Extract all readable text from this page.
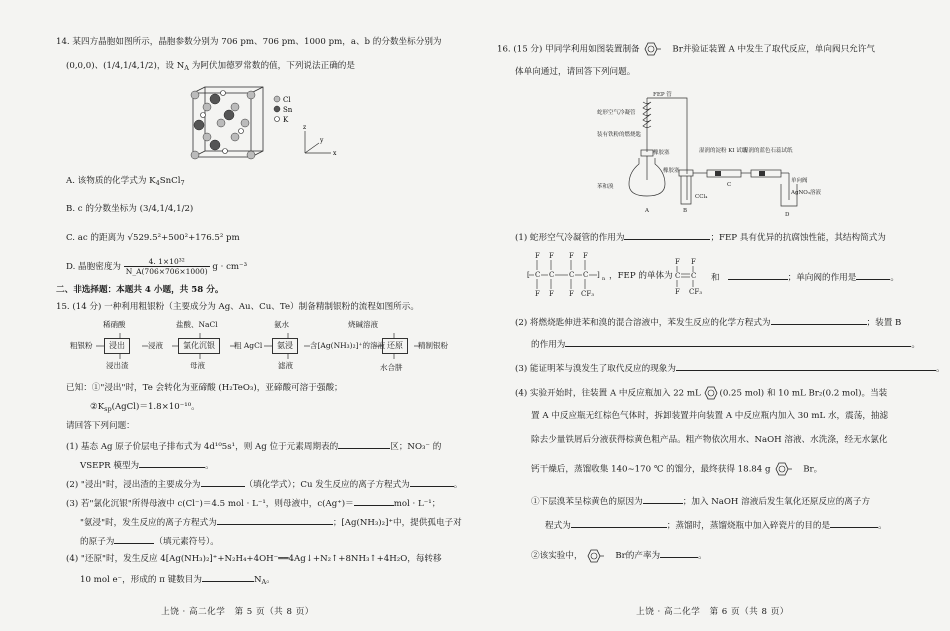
14. 某四方晶胞如图所示，晶胞参数分别为 706 pm、706 pm、1000 pm，a、b 的分数坐标分别为
(0,0,0)、(1/4,1/4,1/2)，设 $N_A$ 为阿伏加德罗常数的值，下列说法正确的是
Cl
Sn
K
z
x
y
A. 该物质的化学式为 $K_4SnCl_7$
B. c 的分数坐标为 (3/4,1/4,1/2)
C. ac 的距离为 √529.5²+500²+176.5² pm
D. 晶胞密度为 $\frac{\text{4. 1×10³²}}{N\_A(706\times 706\times 1000)}$ g · cm⁻³
二、非选择题：本题共 4 小题，共 58 分。
15. (14 分) 一种利用粗银粉（主要成分为 Ag、Au、Cu、Te）制备精制银粉的流程如图所示。
稀硝酸	盐酸、NaCl	氨水	烧碱溶液
粗银粉	浸出	浸液	氯化沉银	粗 AgCl	氨浸	含[Ag(NH₃)₂]⁺的溶液 还原	精制银粉
浸出渣	母液	滤液	水合肼
已知：①"浸出"时，Te 会转化为亚碲酸 (H₂TeO₃)，亚碲酸可溶于强酸；
$②K_{sp}(AgCl)=1.8\times 10^{-10}$。
请回答下列问题：
(1) 基态 Ag 原子价层电子排布式为 4d¹⁰5s¹，则 Ag 位于元素周期表的	区；NO₃⁻ 的
VSEPR 模型为	。
(2) "浸出"时，浸出渣的主要成分为	（填化学式）；Cu 发生反应的离子方程式为	。
(3) 若"氯化沉银"所得母液中 c(Cl⁻)＝4.5 mol · L⁻¹，则母液中，c(Ag⁺)＝	mol · L⁻¹；
"氨浸"时，发生反应的离子方程式为	；[Ag(NH₃)₂]⁺中，提供孤电子对
的原子为	（填元素符号）。
(4) "还原"时，发生反应 4[Ag(NH₃)₂]⁺+N₂H₄+4OH⁻══4Ag↓+N₂↑+8NH₃↑+4H₂O，每转移
10 mol e⁻，形成的 π 键数目为	$N_A$。
上饶 · 高二化学　第 5 页（共 8 页）
16. (15 分) 甲同学利用如图装置制备	Br并验证装置 A 中发生了取代反应，单向阀只允许气
体单向通过，请回答下列问题。
FEP 管
蛇形空气冷凝管
装有铁粉的燃烧匙
橡胶塞
苯和溴
A
橡胶塞
湿润的淀粉 KI 试纸
湿润的蓝色石蕊试纸
单向阀
CCl₄
B
C
AgNO₃溶液
D
(1) 蛇形空气冷凝管的作用为	；FEP 具有优异的抗腐蚀性能，其结构简式为
[
F
C
F
F
C
F
F
C
F
F
C
CF₃
] n ，FEP 的单体为
F F
C C
F CF₃
和	；单向阀的作用是	。
(2) 将燃烧匙伸进苯和溴的混合溶液中，苯发生反应的化学方程式为	；装置 B
的作用为	。
(3) 能证明苯与溴发生了取代反应的现象为	。
(4) 实验开始时，往装置 A 中反应瓶加入 22 mL (0.25 mol) 和 10 mL Br₂(0.2 mol)。当装
置 A 中反应瓶无红棕色气体时，拆卸装置并向装置 A 中反应瓶内加入 30 mL 水，震荡，抽滤
除去少量铁屑后分液获得棕黄色粗产品。粗产物依次用水、NaOH 溶液、水洗涤，经无水氯化
钙干燥后，蒸馏收集 140~170 ℃ 的馏分，最终获得 18.84 g	Br。
①下层溴苯呈棕黄色的原因为	；加入 NaOH 溶液后发生氧化还原反应的离子方
程式为	；蒸馏时，蒸馏烧瓶中加入碎瓷片的目的是	。
②该实验中，	Br的产率为	。
上饶 · 高二化学　第 6 页（共 8 页）
